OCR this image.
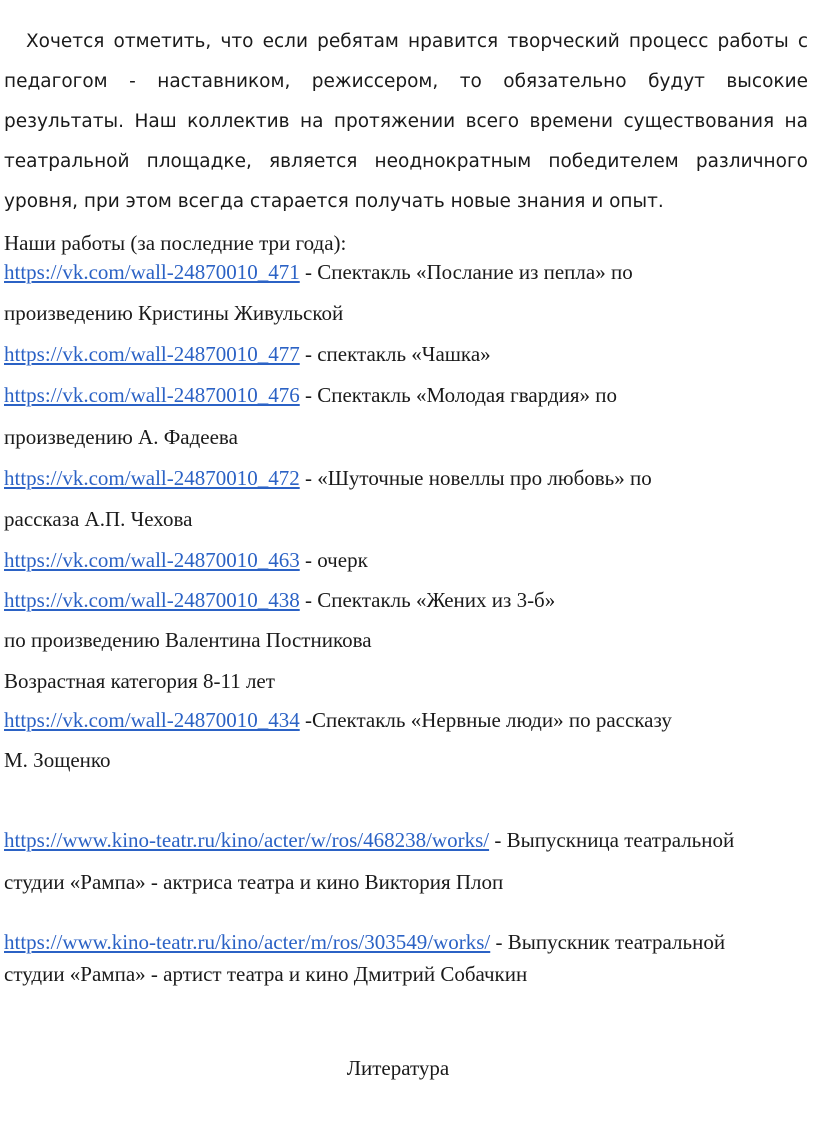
Хочется отметить, что если ребятам нравится творческий процесс работы с педагогом - наставником, режиссером, то обязательно будут высокие результаты. Наш коллектив на протяжении всего времени существования на театральной площадке, является неоднократным победителем различного уровня, при этом всегда старается получать новые знания и опыт.

Наши работы (за последние три года):
https://vk.com/wall-24870010_471 - Спектакль «Послание из пепла» по
произведению Кристины Живульской
https://vk.com/wall-24870010_477 - спектакль «Чашка»
https://vk.com/wall-24870010_476 - Спектакль «Молодая гвардия» по
произведению А. Фадеева
https://vk.com/wall-24870010_472 - «Шуточные новеллы про любовь» по
рассказа А.П. Чехова
https://vk.com/wall-24870010_463 - очерк
https://vk.com/wall-24870010_438 - Спектакль «Жених из 3-б»
по произведению Валентина Постникова
Возрастная категория 8-11 лет
https://vk.com/wall-24870010_434 -Спектакль «Нервные люди» по рассказу
М. Зощенко
https://www.kino-teatr.ru/kino/acter/w/ros/468238/works/ - Выпускница театральной
студии «Рампа» - актриса театра и кино Виктория Плоп
https://www.kino-teatr.ru/kino/acter/m/ros/303549/works/ - Выпускник театральной
студии «Рампа» - артист театра и кино Дмитрий Собачкин
Литература
